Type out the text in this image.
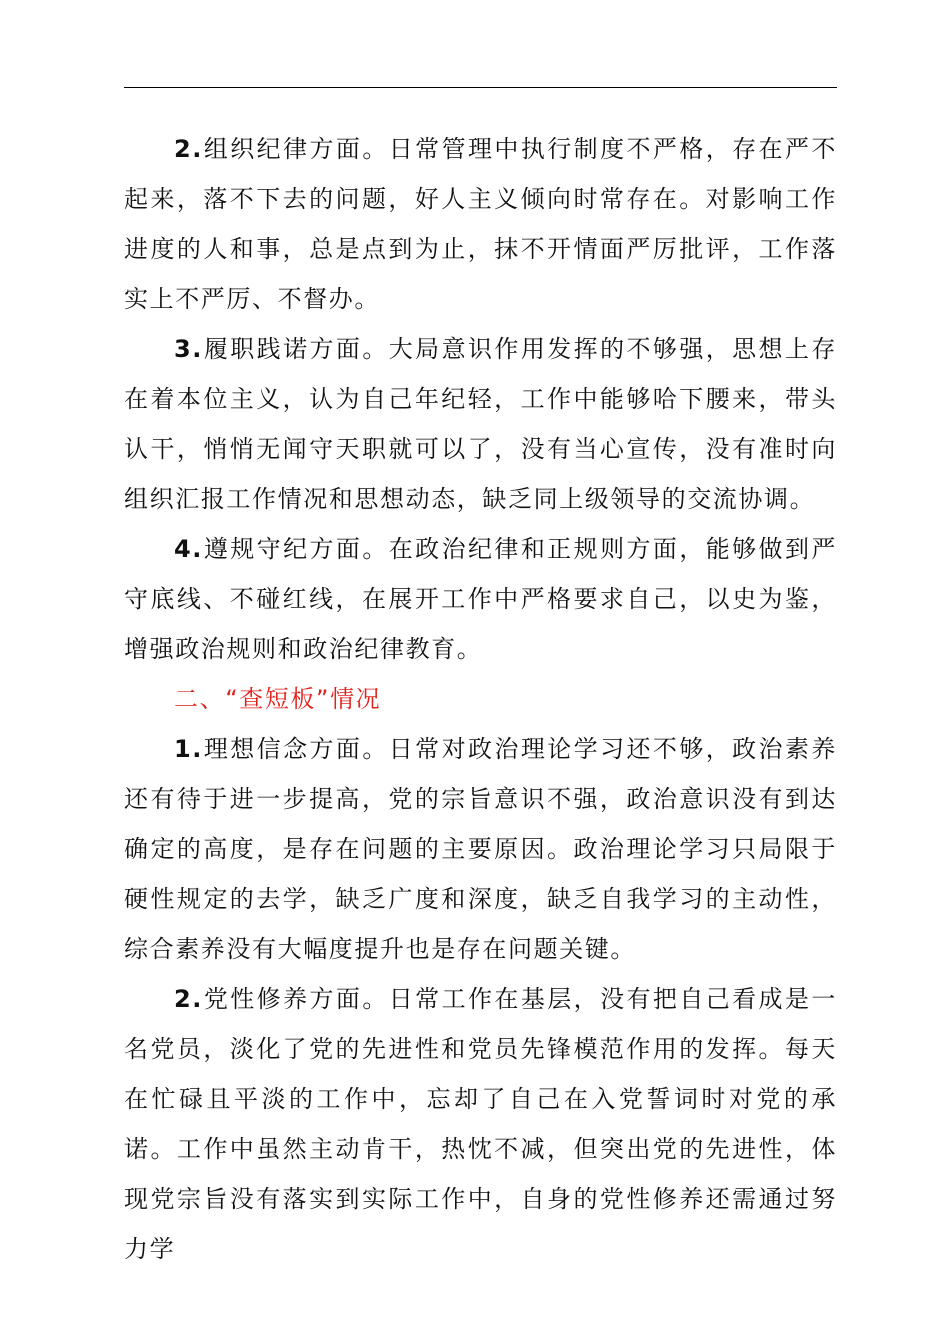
2.组织纪律方面。日常管理中执行制度不严格，存在严不起来，落不下去的问题，好人主义倾向时常存在。对影响工作进度的人和事，总是点到为止，抹不开情面严厉批评，工作落实上不严厉、不督办。

3.履职践诺方面。大局意识作用发挥的不够强，思想上存在着本位主义，认为自己年纪轻，工作中能够哈下腰来，带头认干，悄悄无闻守天职就可以了，没有当心宣传，没有准时向组织汇报工作情况和思想动态，缺乏同上级领导的交流协调。

4.遵规守纪方面。在政治纪律和正规则方面，能够做到严守底线、不碰红线，在展开工作中严格要求自己，以史为鉴，增强政治规则和政治纪律教育。

二、“查短板”情况

1.理想信念方面。日常对政治理论学习还不够，政治素养还有待于进一步提高，党的宗旨意识不强，政治意识没有到达确定的高度，是存在问题的主要原因。政治理论学习只局限于硬性规定的去学，缺乏广度和深度，缺乏自我学习的主动性，综合素养没有大幅度提升也是存在问题关键。

2.党性修养方面。日常工作在基层，没有把自己看成是一名党员，淡化了党的先进性和党员先锋模范作用的发挥。每天在忙碌且平淡的工作中，忘却了自己在入党誓词时对党的承诺。工作中虽然主动肯干，热忱不减，但突出党的先进性，体现党宗旨没有落实到实际工作中，自身的党性修养还需通过努力学
